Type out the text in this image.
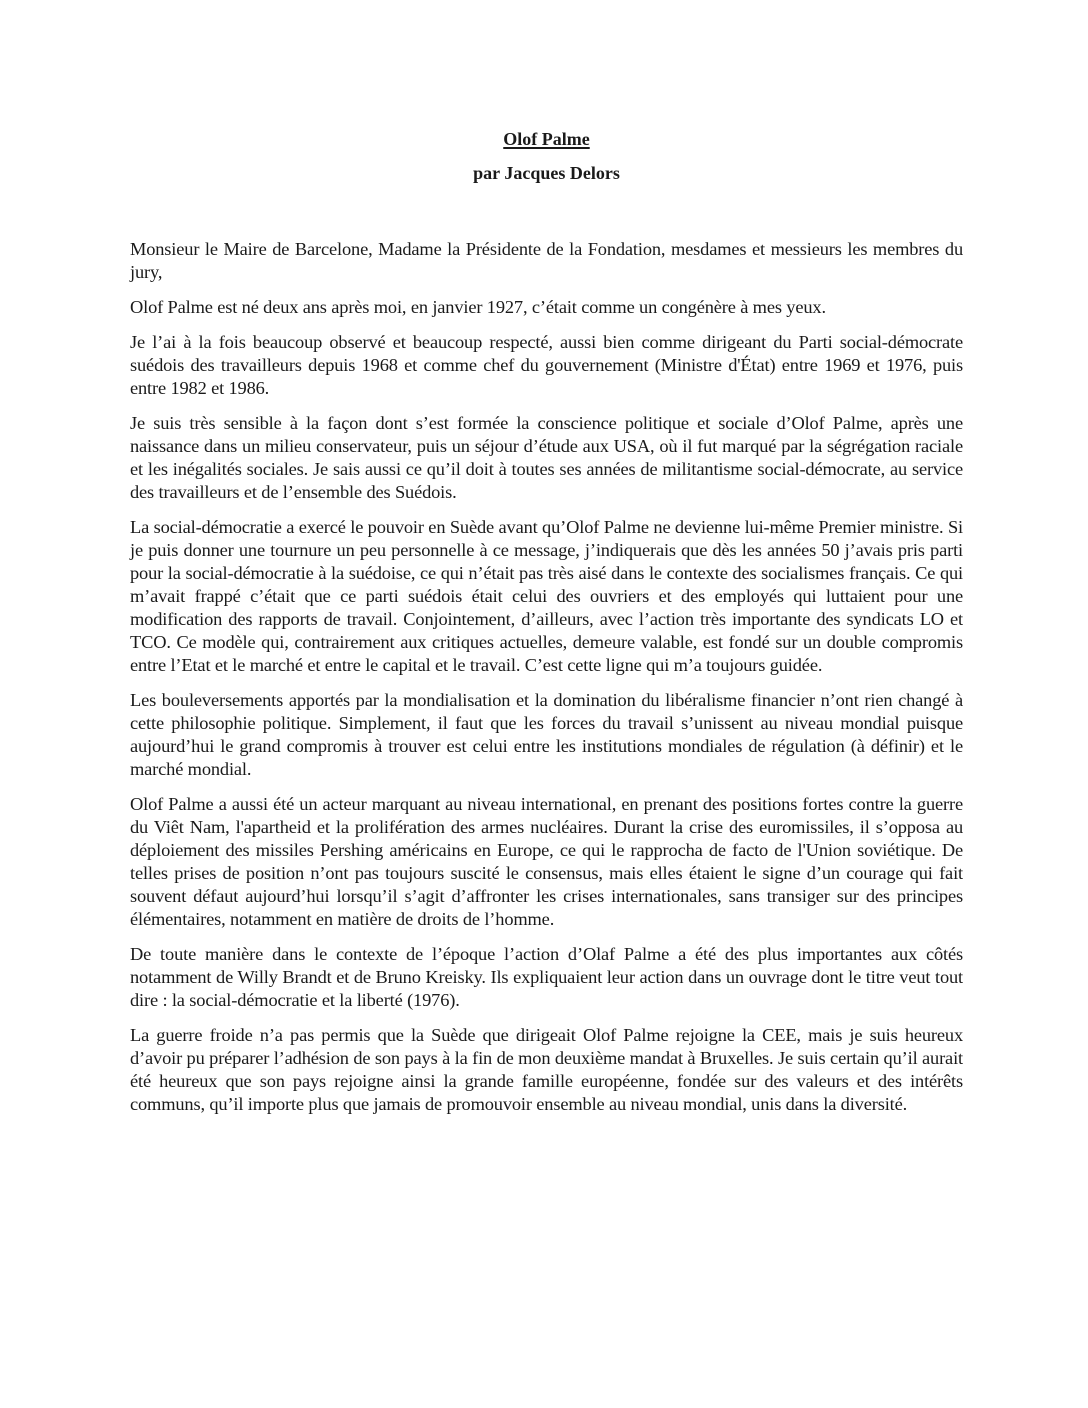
Olof Palme
par Jacques Delors

Monsieur le Maire de Barcelone, Madame la Présidente de la Fondation, mesdames et messieurs les membres du jury,

Olof Palme est né deux ans après moi, en janvier 1927, c’était comme un congénère à mes yeux.

Je l’ai à la fois beaucoup observé et beaucoup respecté, aussi bien comme dirigeant du Parti social-démocrate suédois des travailleurs depuis 1968 et comme chef du gouvernement (Ministre d'État) entre 1969 et 1976, puis entre 1982 et 1986.

Je suis très sensible à la façon dont s’est formée la conscience politique et sociale d’Olof Palme, après une naissance dans un milieu conservateur, puis un séjour d’étude aux USA, où il fut marqué par la ségrégation raciale et les inégalités sociales. Je sais aussi ce qu’il doit à toutes ses années de militantisme social-démocrate, au service des travailleurs et de l’ensemble des Suédois.

La social-démocratie a exercé le pouvoir en Suède avant qu’Olof Palme ne devienne lui-même Premier ministre. Si je puis donner une tournure un peu personnelle à ce message, j’indiquerais que dès les années 50 j’avais pris parti pour la social-démocratie à la suédoise, ce qui n’était pas très aisé dans le contexte des socialismes français. Ce qui m’avait frappé c’était que ce parti suédois était celui des ouvriers et des employés qui luttaient pour une modification des rapports de travail. Conjointement, d’ailleurs, avec l’action très importante des syndicats LO et TCO. Ce modèle qui, contrairement aux critiques actuelles, demeure valable, est fondé sur un double compromis entre l’Etat et le marché et entre le capital et le travail. C’est cette ligne qui m’a toujours guidée.

Les bouleversements apportés par la mondialisation et la domination du libéralisme financier n’ont rien changé à cette philosophie politique. Simplement, il faut que les forces du travail s’unissent au niveau mondial puisque aujourd’hui le grand compromis à trouver est celui entre les institutions mondiales de régulation (à définir) et le marché mondial.

Olof Palme a aussi été un acteur marquant au niveau international, en prenant des positions fortes contre la guerre du Viêt Nam, l'apartheid et la prolifération des armes nucléaires. Durant la crise des euromissiles, il s’opposa au déploiement des missiles Pershing américains en Europe, ce qui le rapprocha de facto de l'Union soviétique. De telles prises de position n’ont pas toujours suscité le consensus, mais elles étaient le signe d’un courage qui fait souvent défaut aujourd’hui lorsqu’il s’agit d’affronter les crises internationales, sans transiger sur des principes élémentaires, notamment en matière de droits de l’homme.

De toute manière dans le contexte de l’époque l’action d’Olaf Palme a été des plus importantes aux côtés notamment de Willy Brandt et de Bruno Kreisky. Ils expliquaient leur action dans un ouvrage dont le titre veut tout dire : la social-démocratie et la liberté (1976).

La guerre froide n’a pas permis que la Suède que dirigeait Olof Palme rejoigne la CEE, mais je suis heureux d’avoir pu préparer l’adhésion de son pays à la fin de mon deuxième mandat à Bruxelles. Je suis certain qu’il aurait été heureux que son pays rejoigne ainsi la grande famille européenne, fondée sur des valeurs et des intérêts communs, qu’il importe plus que jamais de promouvoir ensemble au niveau mondial, unis dans la diversité.
